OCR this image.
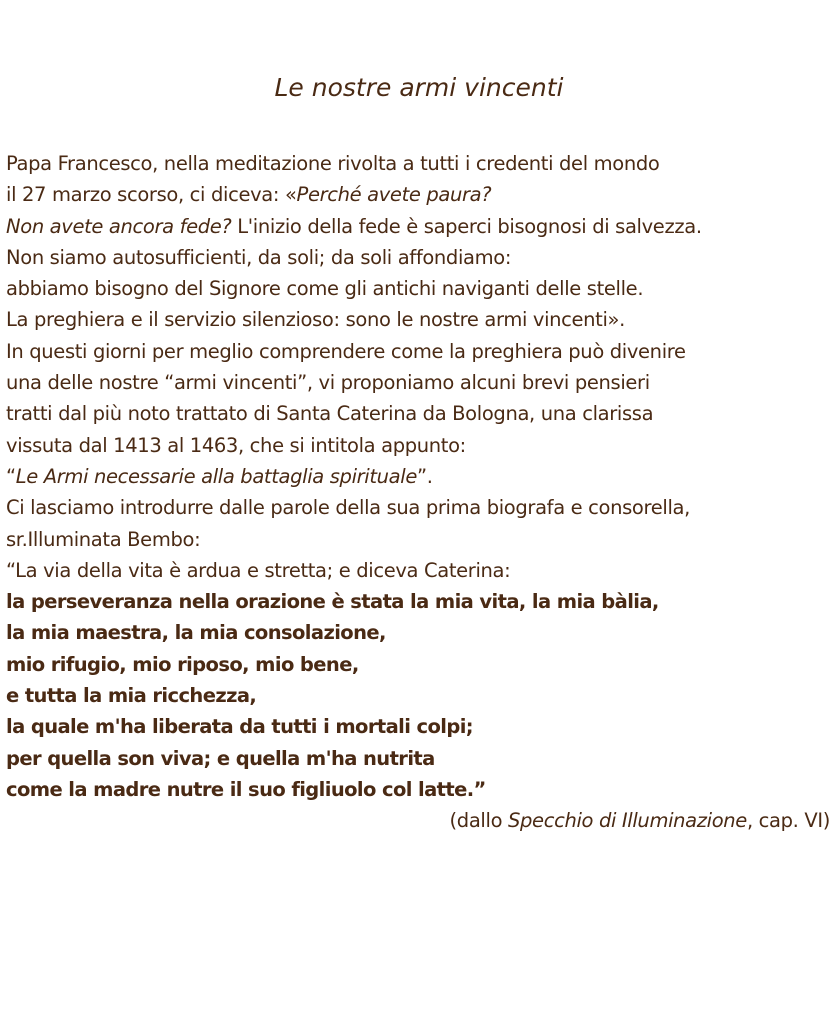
Le nostre armi vincenti
Papa Francesco, nella meditazione rivolta a tutti i credenti del mondo
il 27 marzo scorso, ci diceva: «Perché avete paura?
Non avete ancora fede? L'inizio della fede è saperci bisognosi di salvezza.
Non siamo autosufficienti, da soli; da soli affondiamo:
abbiamo bisogno del Signore come gli antichi naviganti delle stelle.
La preghiera e il servizio silenzioso: sono le nostre armi vincenti».
In questi giorni per meglio comprendere come la preghiera può divenire
una delle nostre “armi vincenti”, vi proponiamo alcuni brevi pensieri
tratti dal più noto trattato di Santa Caterina da Bologna, una clarissa
vissuta dal 1413 al 1463, che si intitola appunto:
“Le Armi necessarie alla battaglia spirituale”.
Ci lasciamo introdurre dalle parole della sua prima biografa e consorella,
sr.Illuminata Bembo:
“La via della vita è ardua e stretta; e diceva Caterina:
la perseveranza nella orazione è stata la mia vita, la mia bàlia,
la mia maestra, la mia consolazione,
mio rifugio, mio riposo, mio bene,
e tutta la mia ricchezza,
la quale m'ha liberata da tutti i mortali colpi;
per quella son viva; e quella m'ha nutrita
come la madre nutre il suo figliuolo col latte.”
(dallo Specchio di Illuminazione, cap. VI)
